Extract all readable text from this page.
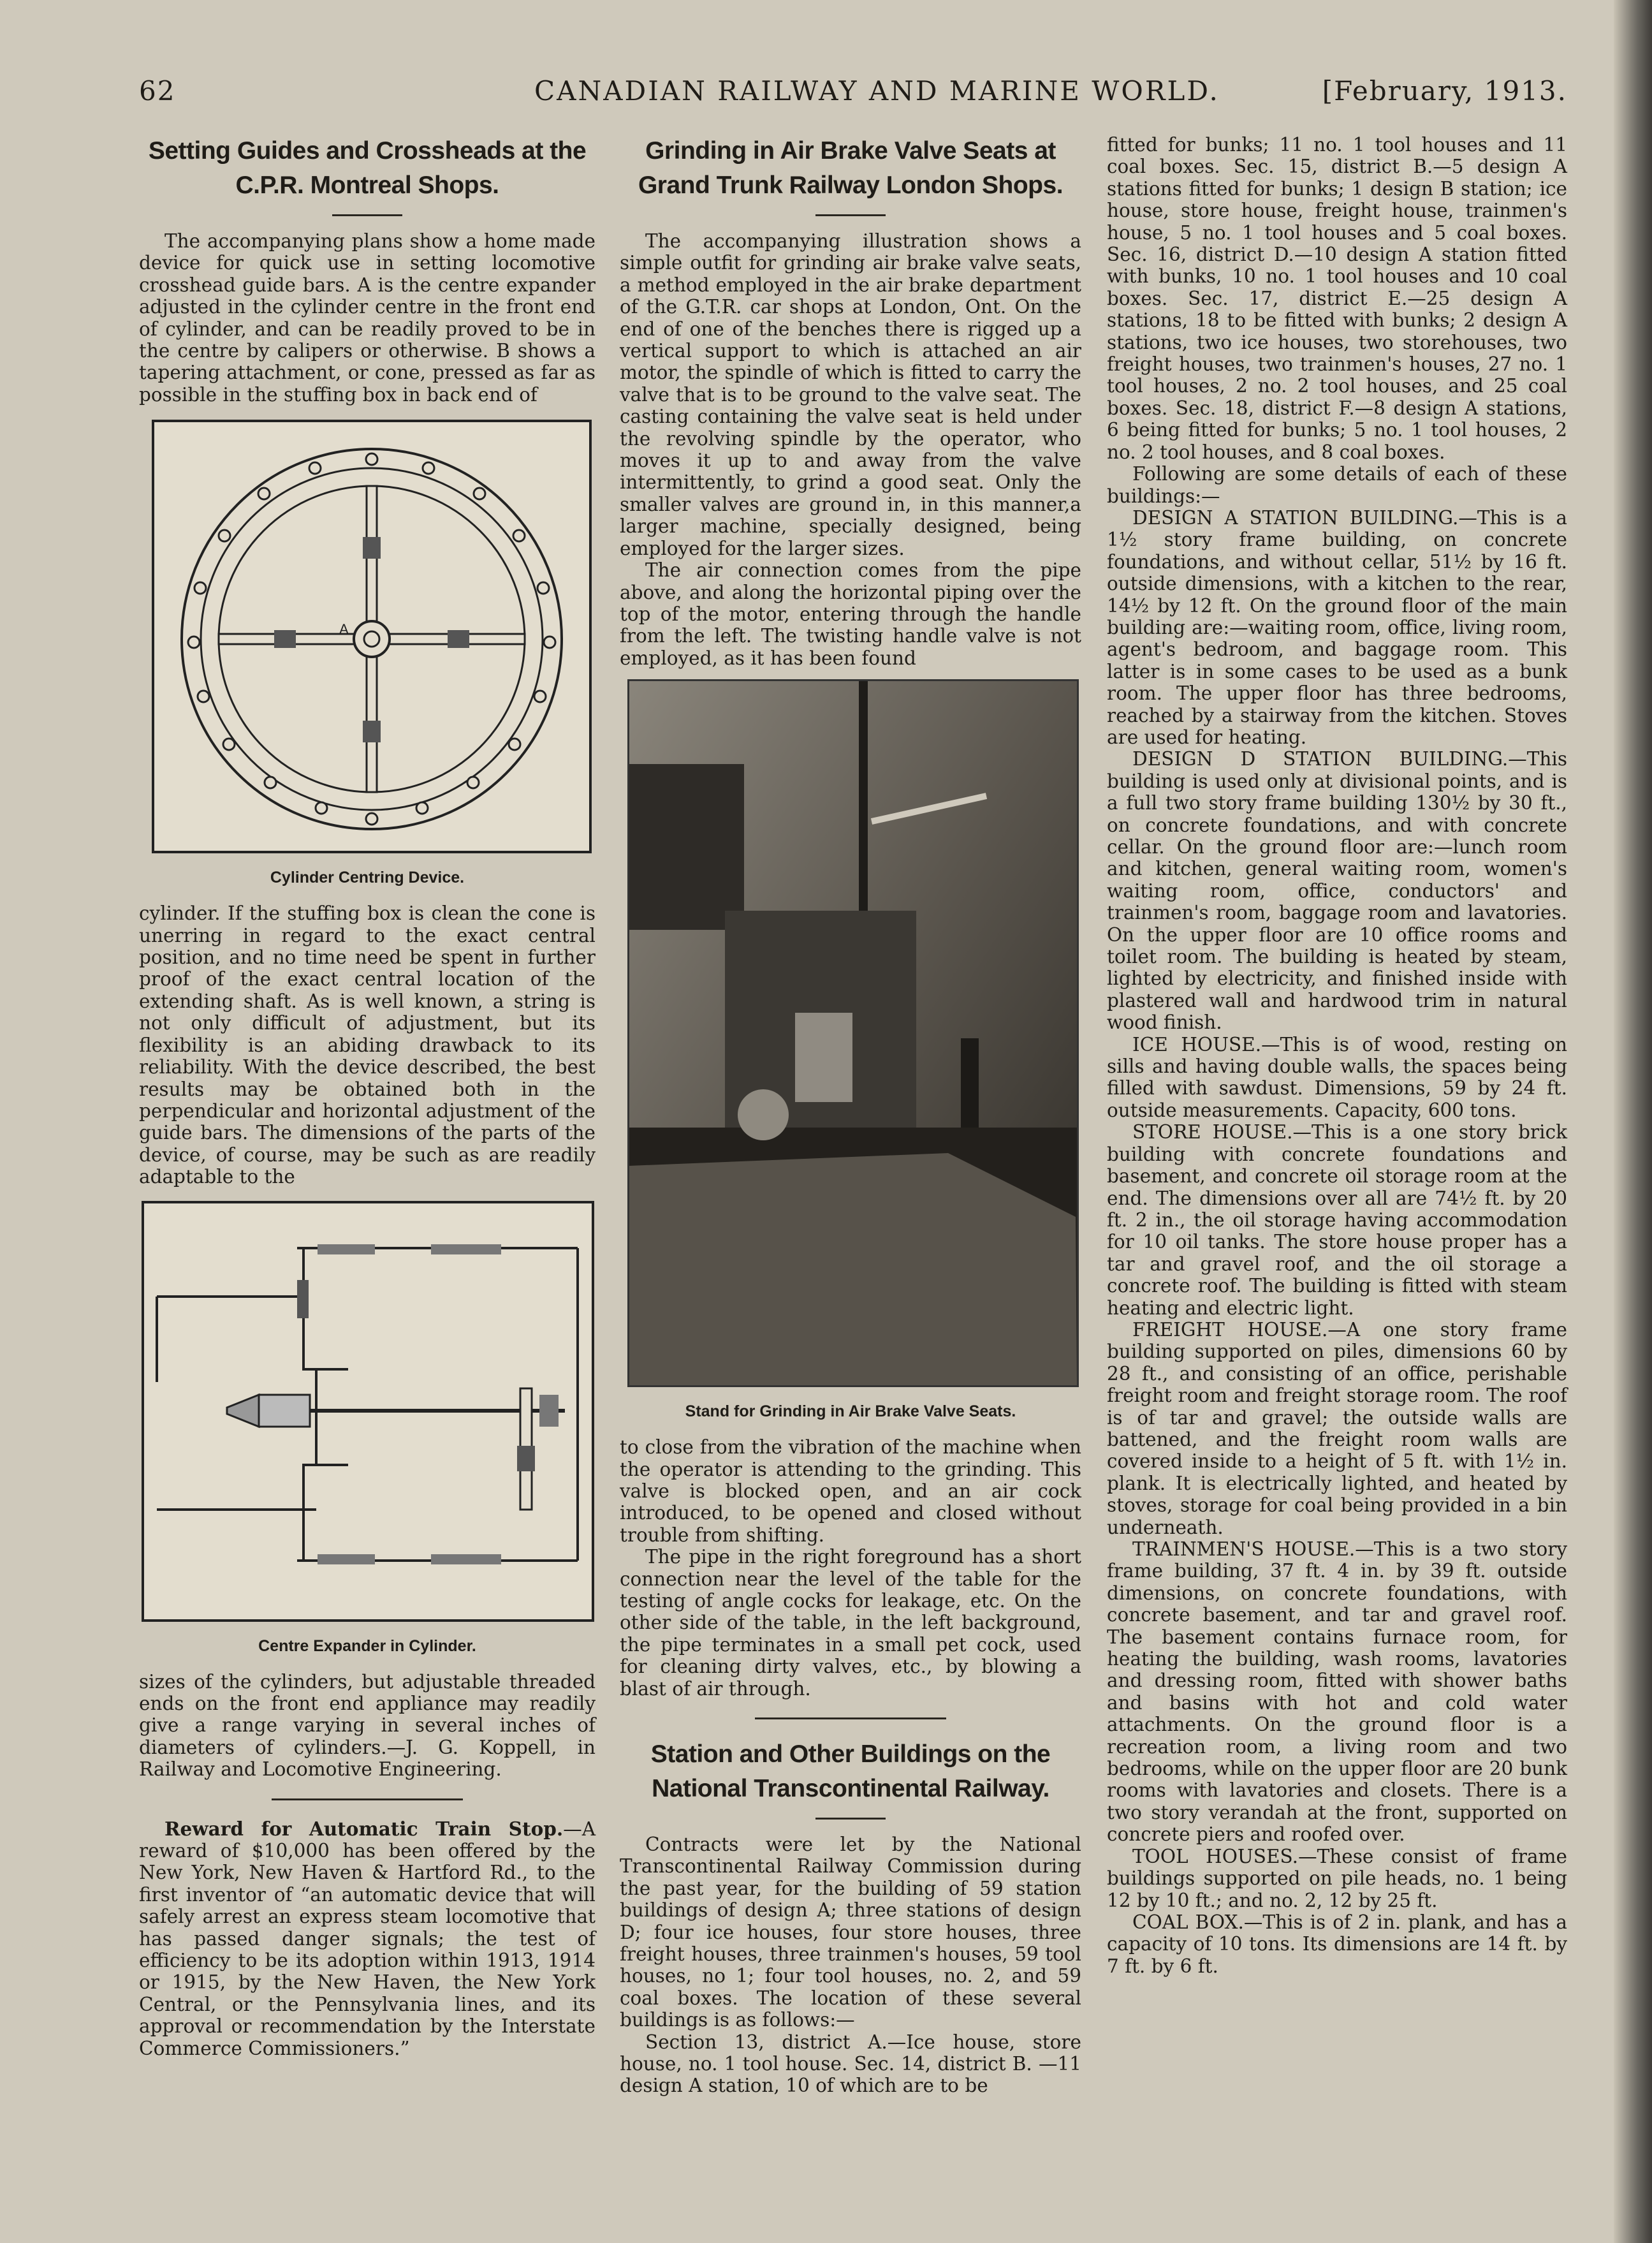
62	CANADIAN RAILWAY AND MARINE WORLD.	[February, 1913.
Setting Guides and Crossheads at the C.P.R. Montreal Shops.

The accompanying plans show a home made device for quick use in setting locomotive crosshead guide bars. A is the centre expander adjusted in the cylinder centre in the front end of cylinder, and can be readily proved to be in the centre by calipers or otherwise. B shows a tapering attachment, or cone, pressed as far as possible in the stuffing box in back end of

A
Cylinder Centring Device.

cylinder. If the stuffing box is clean the cone is unerring in regard to the exact central position, and no time need be spent in further proof of the exact central location of the extending shaft. As is well known, a string is not only difficult of adjustment, but its flexibility is an abiding drawback to its reliability. With the device described, the best results may be obtained both in the perpendicular and horizontal adjustment of the guide bars. The dimensions of the parts of the device, of course, may be such as are readily adaptable to the

Centre Expander in Cylinder.

sizes of the cylinders, but adjustable threaded ends on the front end appliance may readily give a range varying in several inches of diameters of cylinders.—J. G. Koppell, in Railway and Locomotive Engineering.

Reward for Automatic Train Stop.—A reward of $10,000 has been offered by the New York, New Haven & Hartford Rd., to the first inventor of “an automatic device that will safely arrest an express steam locomotive that has passed danger signals; the test of efficiency to be its adoption within 1913, 1914 or 1915, by the New Haven, the New York Central, or the Pennsylvania lines, and its approval or recommendation by the Interstate Commerce Commissioners.”

Grinding in Air Brake Valve Seats at Grand Trunk Railway London Shops.

The accompanying illustration shows a simple outfit for grinding air brake valve seats, a method employed in the air brake department of the G.T.R. car shops at London, Ont. On the end of one of the benches there is rigged up a vertical support to which is attached an air motor, the spindle of which is fitted to carry the valve that is to be ground to the valve seat. The casting containing the valve seat is held under the revolving spindle by the operator, who moves it up to and away from the valve intermittently, to grind a good seat. Only the smaller valves are ground in, in this manner,a larger machine, specially designed, being employed for the larger sizes.

The air connection comes from the pipe above, and along the horizontal piping over the top of the motor, entering through the handle from the left. The twisting handle valve is not employed, as it has been found

Stand for Grinding in Air Brake Valve Seats.

to close from the vibration of the machine when the operator is attending to the grinding. This valve is blocked open, and an air cock introduced, to be opened and closed without trouble from shifting.

The pipe in the right foreground has a short connection near the level of the table for the testing of angle cocks for leakage, etc. On the other side of the table, in the left background, the pipe terminates in a small pet cock, used for cleaning dirty valves, etc., by blowing a blast of air through.

Station and Other Buildings on the National Transcontinental Railway.

Contracts were let by the National Transcontinental Railway Commission during the past year, for the building of 59 station buildings of design A; three stations of design D; four ice houses, four store houses, three freight houses, three trainmen's houses, 59 tool houses, no 1; four tool houses, no. 2, and 59 coal boxes. The location of these several buildings is as follows:—

Section 13, district A.—Ice house, store house, no. 1 tool house. Sec. 14, district B. —11 design A station, 10 of which are to be

fitted for bunks; 11 no. 1 tool houses and 11 coal boxes. Sec. 15, district B.—5 design A stations fitted for bunks; 1 design B station; ice house, store house, freight house, trainmen's house, 5 no. 1 tool houses and 5 coal boxes. Sec. 16, district D.—10 design A station fitted with bunks, 10 no. 1 tool houses and 10 coal boxes. Sec. 17, district E.—25 design A stations, 18 to be fitted with bunks; 2 design A stations, two ice houses, two storehouses, two freight houses, two trainmen's houses, 27 no. 1 tool houses, 2 no. 2 tool houses, and 25 coal boxes. Sec. 18, district F.—8 design A stations, 6 being fitted for bunks; 5 no. 1 tool houses, 2 no. 2 tool houses, and 8 coal boxes.

Following are some details of each of these buildings:—

DESIGN A STATION BUILDING.—This is a 1½ story frame building, on concrete foundations, and without cellar, 51½ by 16 ft. outside dimensions, with a kitchen to the rear, 14½ by 12 ft. On the ground floor of the main building are:—waiting room, office, living room, agent's bedroom, and baggage room. This latter is in some cases to be used as a bunk room. The upper floor has three bedrooms, reached by a stairway from the kitchen. Stoves are used for heating.

DESIGN D STATION BUILDING.—This building is used only at divisional points, and is a full two story frame building 130½ by 30 ft., on concrete foundations, and with concrete cellar. On the ground floor are:—lunch room and kitchen, general waiting room, women's waiting room, office, conductors' and trainmen's room, baggage room and lavatories. On the upper floor are 10 office rooms and toilet room. The building is heated by steam, lighted by electricity, and finished inside with plastered wall and hardwood trim in natural wood finish.

ICE HOUSE.—This is of wood, resting on sills and having double walls, the spaces being filled with sawdust. Dimensions, 59 by 24 ft. outside measurements. Capacity, 600 tons.

STORE HOUSE.—This is a one story brick building with concrete foundations and basement, and concrete oil storage room at the end. The dimensions over all are 74½ ft. by 20 ft. 2 in., the oil storage having accommodation for 10 oil tanks. The store house proper has a tar and gravel roof, and the oil storage a concrete roof. The building is fitted with steam heating and electric light.

FREIGHT HOUSE.—A one story frame building supported on piles, dimensions 60 by 28 ft., and consisting of an office, perishable freight room and freight storage room. The roof is of tar and gravel; the outside walls are battened, and the freight room walls are covered inside to a height of 5 ft. with 1½ in. plank. It is electrically lighted, and heated by stoves, storage for coal being provided in a bin underneath.

TRAINMEN'S HOUSE.—This is a two story frame building, 37 ft. 4 in. by 39 ft. outside dimensions, on concrete foundations, with concrete basement, and tar and gravel roof. The basement contains furnace room, for heating the building, wash rooms, lavatories and dressing room, fitted with shower baths and basins with hot and cold water attachments. On the ground floor is a recreation room, a living room and two bedrooms, while on the upper floor are 20 bunk rooms with lavatories and closets. There is a two story verandah at the front, supported on concrete piers and roofed over.

TOOL HOUSES.—These consist of frame buildings supported on pile heads, no. 1 being 12 by 10 ft.; and no. 2, 12 by 25 ft.

COAL BOX.—This is of 2 in. plank, and has a capacity of 10 tons. Its dimensions are 14 ft. by 7 ft. by 6 ft.
